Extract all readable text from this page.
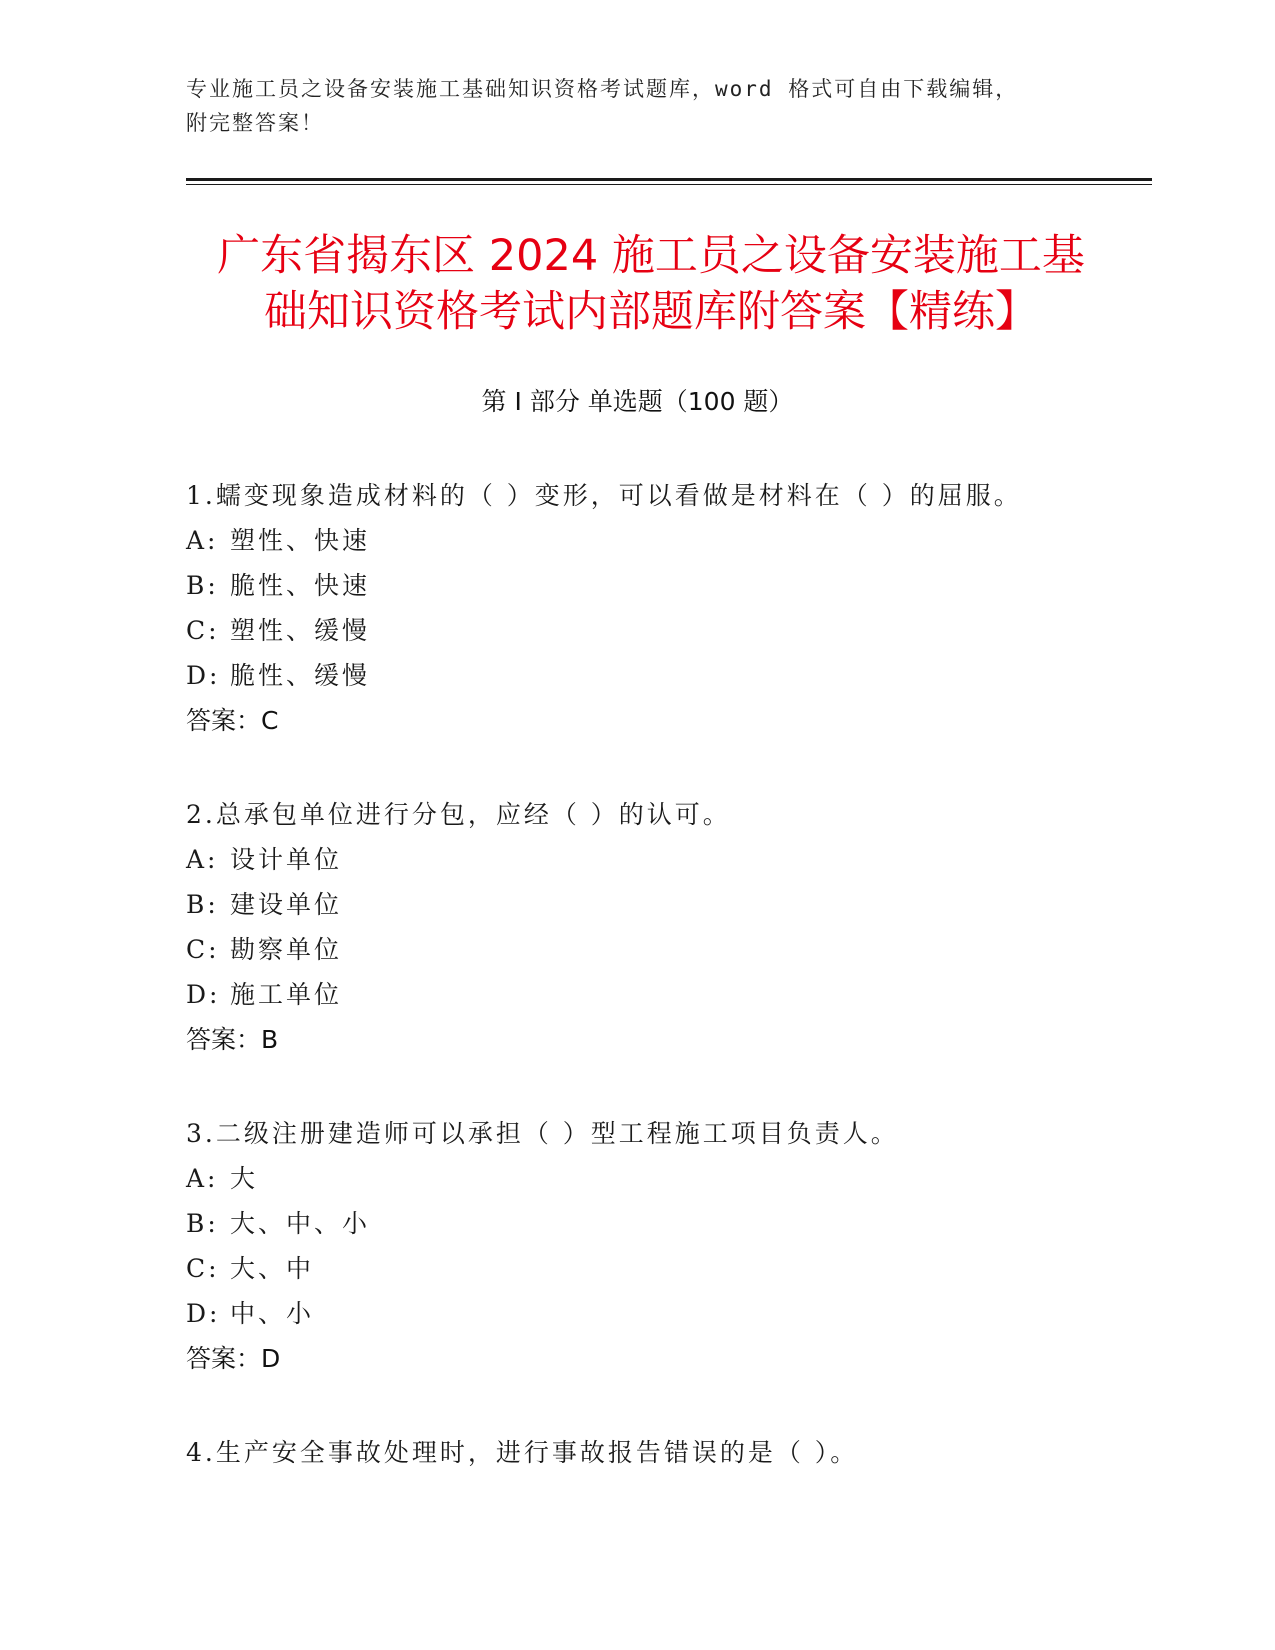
专业施工员之设备安装施工基础知识资格考试题库，word 格式可自由下载编辑，
附完整答案！
广东省揭东区 2024 施工员之设备安装施工基
础知识资格考试内部题库附答案【精练】
第 I 部分 单选题（100 题）
1.蠕变现象造成材料的（ ）变形，可以看做是材料在（ ）的屈服。
A: 塑性、快速
B: 脆性、快速
C: 塑性、缓慢
D: 脆性、缓慢
答案：C
2.总承包单位进行分包，应经（ ）的认可。
A: 设计单位
B: 建设单位
C: 勘察单位
D: 施工单位
答案：B
3.二级注册建造师可以承担（ ）型工程施工项目负责人。
A: 大
B: 大、中、小
C: 大、中
D: 中、小
答案：D
4.生产安全事故处理时，进行事故报告错误的是（ ）。
